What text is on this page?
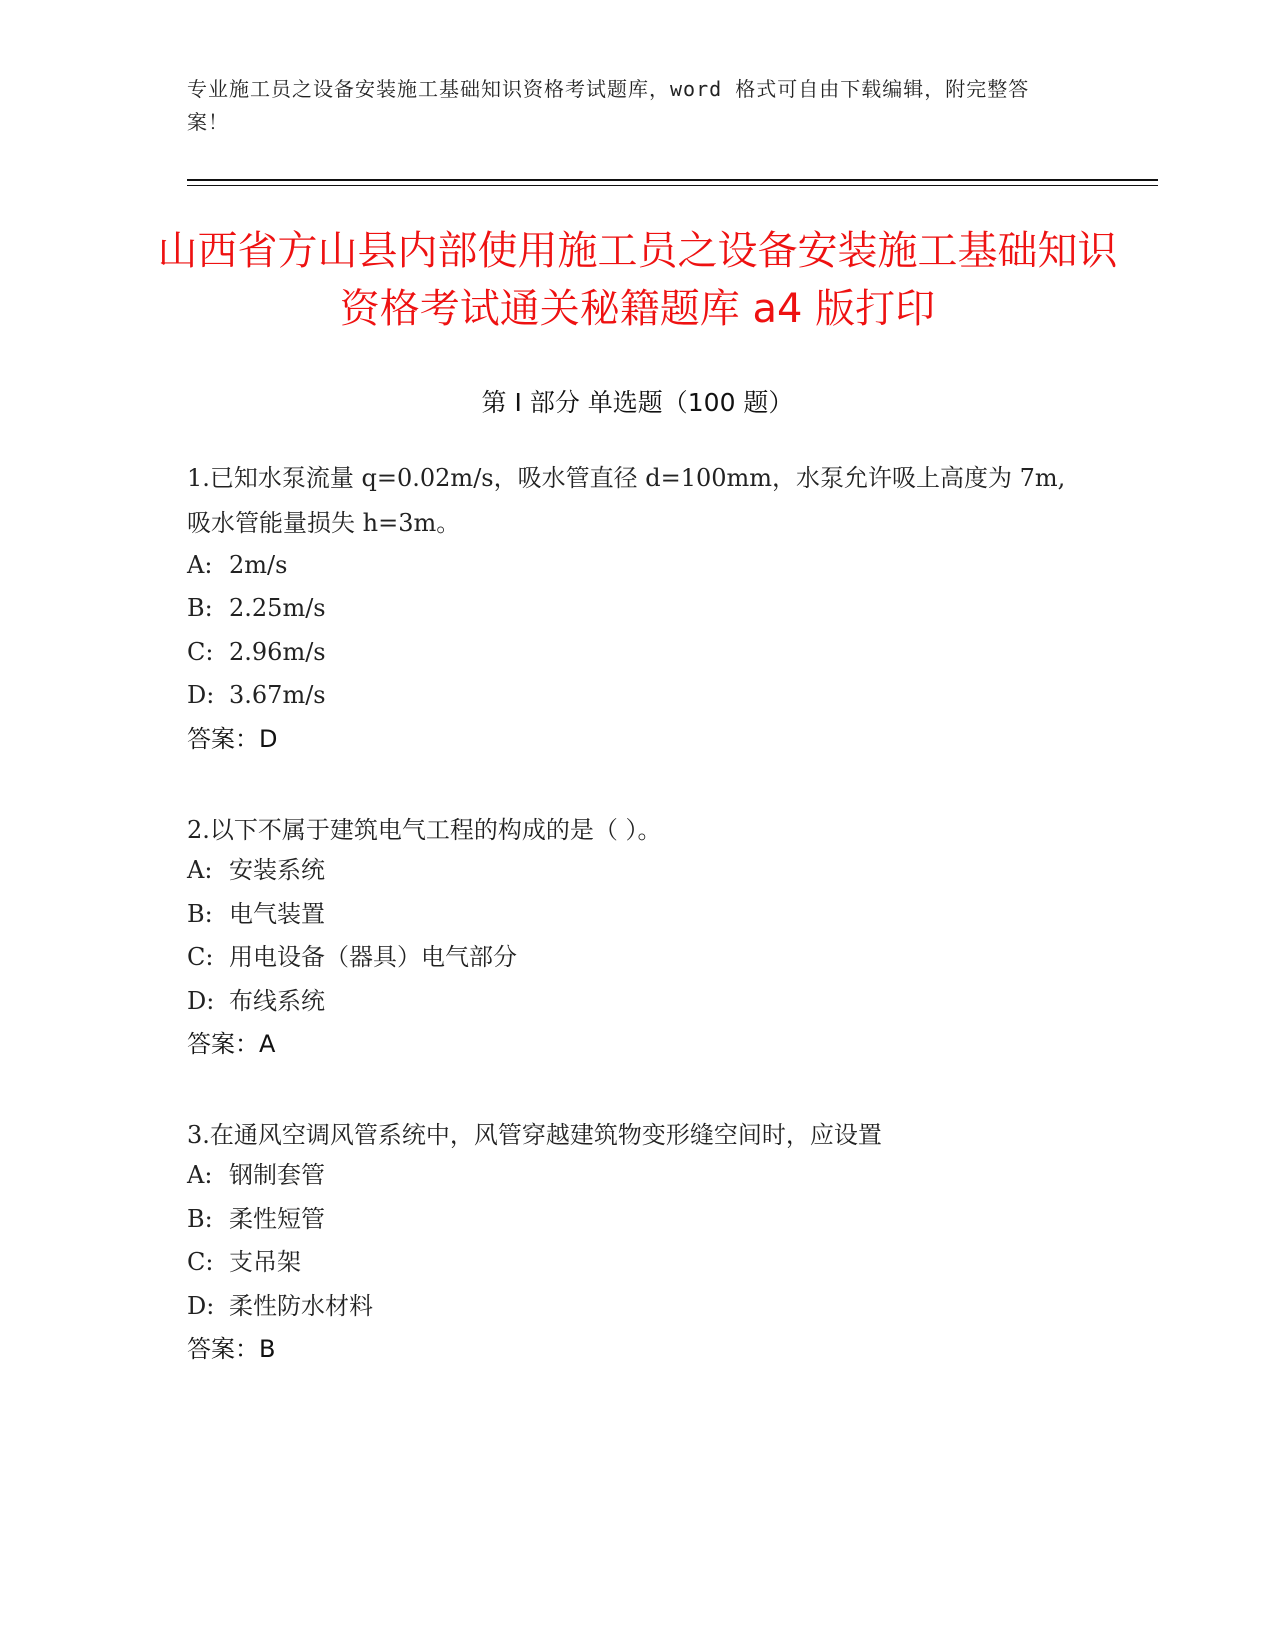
专业施工员之设备安装施工基础知识资格考试题库，word 格式可自由下载编辑，附完整答案！
山西省方山县内部使用施工员之设备安装施工基础知识资格考试通关秘籍题库 a4 版打印
第 I 部分 单选题（100 题）
1.已知水泵流量 q=0.02m/s，吸水管直径 d=100mm，水泵允许吸上高度为 7m,吸水管能量损失 h=3m。
A: 2m/s
B: 2.25m/s
C: 2.96m/s
D: 3.67m/s
答案：D
2.以下不属于建筑电气工程的构成的是（ ）。
A: 安装系统
B: 电气装置
C: 用电设备（器具）电气部分
D: 布线系统
答案：A
3.在通风空调风管系统中，风管穿越建筑物变形缝空间时，应设置
A: 钢制套管
B: 柔性短管
C: 支吊架
D: 柔性防水材料
答案：B
